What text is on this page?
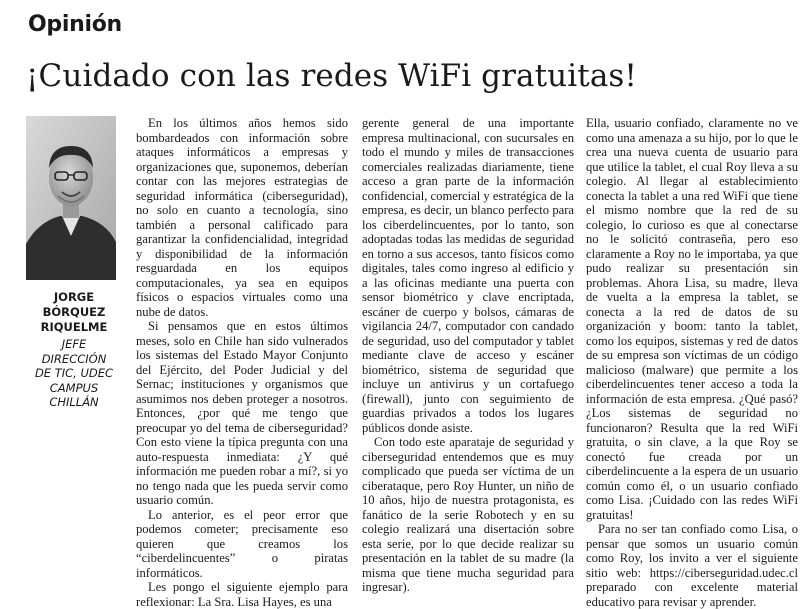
Opinión
¡Cuidado con las redes WiFi gratuitas!
JORGE
BÓRQUEZ
RIQUELME
JEFE
DIRECCIÓN
DE TIC, UDEC
CAMPUS
CHILLÁN

En los últimos años hemos sido bombardeados con información sobre ataques informáticos a empresas y organizaciones que, suponemos, deberían contar con las mejores estrategias de seguridad informática (ciberseguridad), no solo en cuanto a tecnología, sino también a personal calificado para garantizar la confidencialidad, integridad y disponibilidad de la información resguardada en los equipos computacionales, ya sea en equipos físicos o espacios virtuales como una nube de datos.

Si pensamos que en estos últimos meses, solo en Chile han sido vulnerados los sistemas del Estado Mayor Conjunto del Ejército, del Poder Judicial y del Sernac; instituciones y organismos que asumimos nos deben proteger a nosotros. Entonces, ¿por qué me tengo que preocupar yo del tema de ciberseguridad? Con esto viene la típica pregunta con una auto-respuesta inmediata: ¿Y qué información me pueden robar a mí?, si yo no tengo nada que les pueda servir como usuario común.

Lo anterior, es el peor error que podemos cometer; precisamente eso quieren que creamos los “ciberdelincuentes” o piratas informáticos.

Les pongo el siguiente ejemplo para reflexionar: La Sra. Lisa Hayes, es una

gerente general de una importante empresa multinacional, con sucursales en todo el mundo y miles de transacciones comerciales realizadas diariamente, tiene acceso a gran parte de la información confidencial, comercial y estratégica de la empresa, es decir, un blanco perfecto para los ciberdelincuentes, por lo tanto, son adoptadas todas las medidas de seguridad en torno a sus accesos, tanto físicos como digitales, tales como ingreso al edificio y a las oficinas mediante una puerta con sensor biométrico y clave encriptada, escáner de cuerpo y bolsos, cámaras de vigilancia 24/7, computador con candado de seguridad, uso del computador y tablet mediante clave de acceso y escáner biométrico, sistema de seguridad que incluye un antivirus y un cortafuego (firewall), junto con seguimiento de guardias privados a todos los lugares públicos donde asiste.

Con todo este aparataje de seguridad y ciberseguridad entendemos que es muy complicado que pueda ser víctima de un ciberataque, pero Roy Hunter, un niño de 10 años, hijo de nuestra protagonista, es fanático de la serie Robotech y en su colegio realizará una disertación sobre esta serie, por lo que decide realizar su presentación en la tablet de su madre (la misma que tiene mucha seguridad para ingresar).

Ella, usuario confiado, claramente no ve como una amenaza a su hijo, por lo que le crea una nueva cuenta de usuario para que utilice la tablet, el cual Roy lleva a su colegio. Al llegar al establecimiento conecta la tablet a una red WiFi que tiene el mismo nombre que la red de su colegio, lo curioso es que al conectarse no le solicitó contraseña, pero eso claramente a Roy no le importaba, ya que pudo realizar su presentación sin problemas. Ahora Lisa, su madre, lleva de vuelta a la empresa la tablet, se conecta a la red de datos de su organización y boom: tanto la tablet, como los equipos, sistemas y red de datos de su empresa son víctimas de un código malicioso (malware) que permite a los ciberdelincuentes tener acceso a toda la información de esta empresa. ¿Qué pasó? ¿Los sistemas de seguridad no funcionaron? Resulta que la red WiFi gratuita, o sin clave, a la que Roy se conectó fue creada por un ciberdelincuente a la espera de un usuario común como él, o un usuario confiado como Lisa. ¡Cuidado con las redes WiFi gratuitas!

Para no ser tan confiado como Lisa, o pensar que somos un usuario común como Roy, los invito a ver el siguiente sitio web: https://ciberseguridad.udec.cl preparado con excelente material educativo para revisar y aprender.
